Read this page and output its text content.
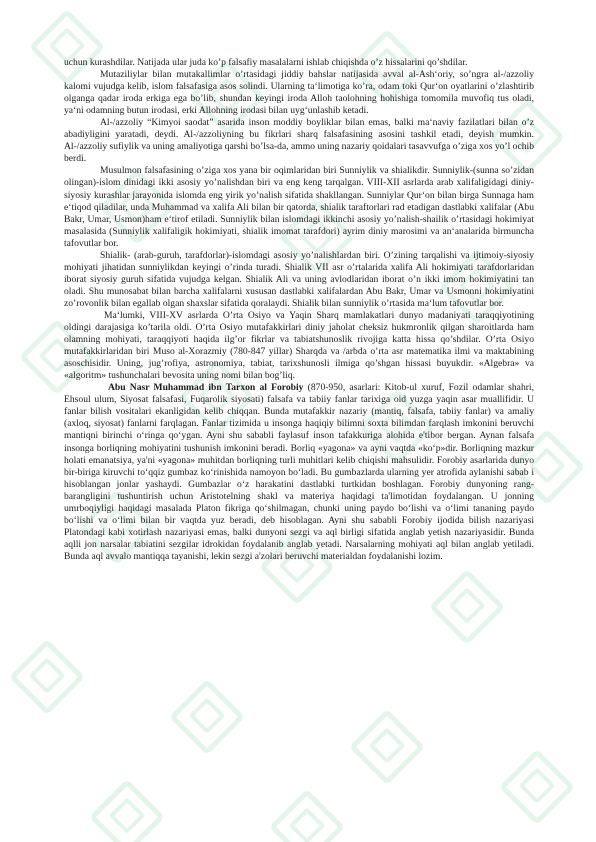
uchun kurashdilar. Natijada ular juda ko’p falsafiy masalalarni ishlab chiqishda o’z hissalarini qo’shdilar.

Mutaziliylar bilan mutakallimlar o’rtasidagi jiddiy bahslar natijasida avval al-Ash‘oriy, so’ngra al-/azzoliy kalomi vujudga kelib, islom falsafasiga asos solindi. Ularning ta‘limotiga ko’ra, odam toki Qur‘on oyatlarini o’zlashtirib olganga qadar iroda erkiga ega bo’lib, shundan keyingi iroda Alloh taolohning hohishiga tomomila muvofiq tus oladi, ya‘ni odamning butun irodasi, erki Allohning irodasi bilan uyg‘unlashib ketadi.

Al-/azzoliy “Kimyoi saodat” asarida inson moddiy boyliklar bilan emas, balki ma‘naviy fazilatlari bilan o’z abadiyligini yaratadi, deydi. Al-/azzoliyning bu fikrlari sharq falsafasining asosini tashkil etadi, deyish mumkin. Al-/azzoliy sufiylik va uning amaliyotiga qarshi bo’lsa-da, ammo uning nazariy qoidalari tasavvufga o’ziga xos yo’l ochib berdi.

Musulmon falsafasining o’ziga xos yana bir oqimlaridan biri Sunniylik va shialikdir. Sunniylik-(sunna so’zidan olingan)-islom dinidagi ikki asosiy yo’nalishdan biri va eng keng tarqalgan. VIII-XII asrlarda arab xalifaligidagi diniy-siyosiy kurashlar jarayonida islomda eng yirik yo’nalish sifatida shakllangan. Sunniylar Qur‘on bilan birga Sunnaga ham e‘tiqod qiladilar, unda Muhammad va xalifa Ali bilan bir qatorda, shialik taraftorlari rad etadigan dastlabki xalifalar (Abu Bakr, Umar, Usmon)ham e‘tirof etiladi. Sunniylik bilan islomdagi ikkinchi asosiy yo’nalish-shailik o’rtasidagi hokimiyat masalasida (Sunniylik xalifaligik hokimiyati, shialik imomat tarafdori) ayrim diniy marosimi va an‘analarida birmuncha tafovutlar bor.

Shialik- (arab-guruh, tarafdorlar)-islomdagi asosiy yo’nalishlardan biri. O’zining tarqalishi va ijtimoiy-siyosiy mohiyati jihatidan sunniylikdan keyingi o’rinda turadi. Shialik VII asr o’rtalarida xalifa Ali hokimiyati tarafdorlaridan iborat siyosiy guruh sifatida vujudga kelgan. Shialik Ali va uning avlodlaridan iborat o’n ikki imom hokimiyatini tan oladi. Shu munosabat bilan barcha xalifalarni xususan dastlabki xalifalardan Abu Bakr, Umar va Usmonni hokimiyatini zo’rovonlik bilan egallab olgan shaxslar sifatida qoralaydi. Shialik bilan sunniylik o’rtasida ma‘lum tafovutlar bor.

Ma‘lumki, VIII-XV asrlarda O’rta Osiyo va Yaqin Sharq mamlakatlari dunyo madaniyati taraqqiyotining oldingi darajasiga ko’tarila oldi. O’rta Osiyo mutafakkirlari diniy jaholat cheksiz hukmronlik qilgan sharoitlarda ham olamning mohiyati, taraqqiyoti haqida ilg’or fikrlar va tabiatshunoslik rivojiga katta hissa qo’shdilar. O’rta Osiyo mutafakkirlaridan biri Muso al-Xorazmiy (780-847 yillar) Sharqda va /arbda o’rta asr matematika ilmi va maktabining asoschisidir. Uning, jug’rofiya, astronomiya, tabiat, tarixshunosli ilmiga qo’shgan hissasi buyukdir. «Algebra» va «algoritm» tushunchalari bevosita uning nomi bilan bog’liq.

Abu Nasr Muhammad ibn Tarxon al Forobiy (870-950, asarlari: Kitob-ul xuruf, Fozil odamlar shahri, Ehsoul ulum, Siyosat falsafasi, Fuqarolik siyosati) falsafa va tabiiy fanlar tarixiga oid yuzga yaqin asar muallifidir. U fanlar bilish vositalari ekanligidan kelib chiqqan. Bunda mutafakkir nazariy (mantiq, falsafa, tabiiy fanlar) va amaliy (axloq, siyosat) fanlarni farqlagan. Fanlar tizimida u insonga haqiqiy bilimni soxta bilimdan farqlash imkonini beruvchi mantiqni birinchi o‘ringa qo‘ygan. Ayni shu sababli faylasuf inson tafakkuriga alohida e'tibor bergan. Aynan falsafa insonga borliqning mohiyatini tushunish imkonini beradi. Borliq «yagona» va ayni vaqtda «ko‘p»dir. Borliqning mazkur holati emanatsiya, ya'ni «yagona» muhitdan borliqning turli muhitlari kelib chiqishi mahsulidir. Forobiy asarlarida dunyo bir-biriga kiruvchi to‘qqiz gumbaz ko‘rinishida namoyon bo‘ladi. Bu gumbazlarda ularning yer atrofida aylanishi sabab i hisoblangan jonlar yashaydi. Gumbazlar o‘z harakatini dastlabki turtkidan boshlagan. Forobiy dunyoning rang-barangligini tushuntirish uchun Aristotelning shakl va materiya haqidagi ta'limotidan foydalangan. U jonning umrboqiyligi haqidagi masalada Platon fikriga qo‘shilmagan, chunki uning paydo bo‘lishi va o‘limi tananing paydo bo‘lishi va o‘limi bilan bir vaqtda yuz beradi, deb hisoblagan. Ayni shu sababli Forobiy ijodida bilish nazariyasi Platondagi kabi xotirlash nazariyasi emas, balki dunyoni sezgi va aql birligi sifatida anglab yetish nazariyasidir. Bunda aqlli jon narsalar tabiatini sezgilar idrokidan foydalanib anglab yetadi. Narsalarning mohiyati aql bilan anglab yetiladi. Bunda aql avvalo mantiqqa tayanishi, lekin sezgi a'zolari beruvchi materialdan foydalanishi lozim.
